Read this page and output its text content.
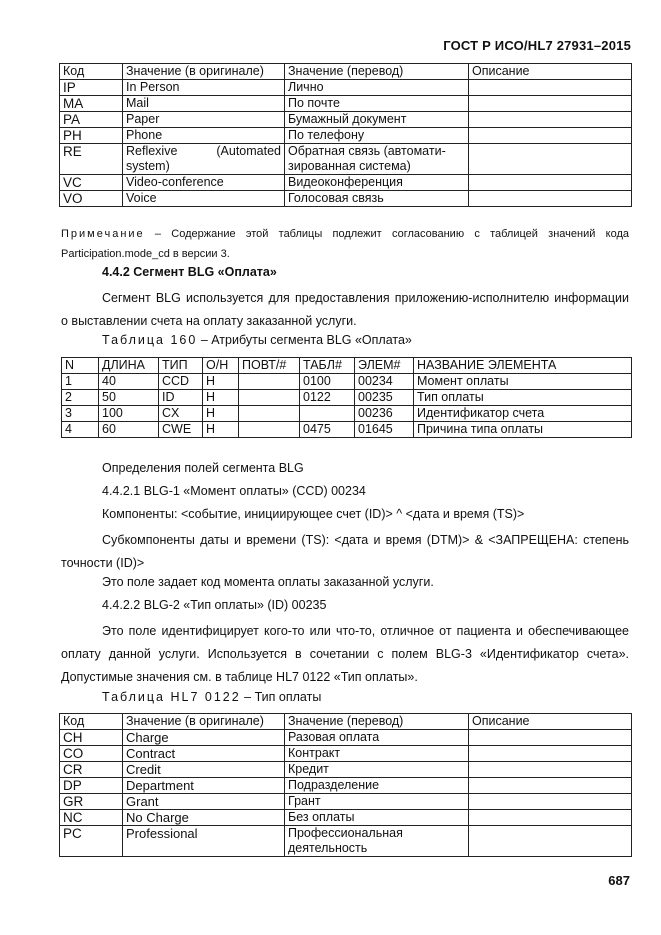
ГОСТ Р ИСО/HL7 27931–2015
Код	Значение (в оригинале)	Значение (перевод)	Описание
IP	In Person	Лично	
MA	Mail	По почте	
PA	Paper	Бумажный документ	
PH	Phone	По телефону	
RE	Reflexive (Automated system)	Обратная связь (автомати-зированная система)	
VC	Video-conference	Видеоконференция	
VO	Voice	Голосовая связь	
Примечание – Содержание этой таблицы подлежит согласованию с таблицей значений кода Participation.mode_cd в версии 3.
4.4.2 Сегмент BLG «Оплата»
Сегмент BLG используется для предоставления приложению-исполнителю информации о выставлении счета на оплату заказанной услуги.
Таблица 160 – Атрибуты сегмента BLG «Оплата»
N	ДЛИНА	ТИП	О/Н	ПОВТ/#	ТАБЛ#	ЭЛЕМ#	НАЗВАНИЕ ЭЛЕМЕНТА
1	40	CCD	H		0100	00234	Момент оплаты
2	50	ID	H		0122	00235	Тип оплаты
3	100	CX	H			00236	Идентификатор счета
4	60	CWE	H		0475	01645	Причина типа оплаты
Определения полей сегмента BLG
4.4.2.1 BLG-1 «Момент оплаты» (CCD) 00234
Компоненты: <событие, инициирующее счет (ID)> ^ <дата и время (TS)>
Субкомпоненты даты и времени (TS): <дата и время (DTM)> & <ЗАПРЕЩЕНА: степень точности (ID)>
Это поле задает код момента оплаты заказанной услуги.
4.4.2.2 BLG-2 «Тип оплаты» (ID) 00235
Это поле идентифицирует кого-то или что-то, отличное от пациента и обеспечивающее оплату данной услуги. Используется в сочетании с полем BLG-3 «Идентификатор счета». Допустимые значения см. в таблице HL7 0122 «Тип оплаты».
Таблица HL7 0122 – Тип оплаты
Код	Значение (в оригинале)	Значение (перевод)	Описание
CH	Charge	Разовая оплата	
CO	Contract	Контракт	
CR	Credit	Кредит	
DP	Department	Подразделение	
GR	Grant	Грант	
NC	No Charge	Без оплаты	
PC	Professional	Профессиональная деятельность	
687
